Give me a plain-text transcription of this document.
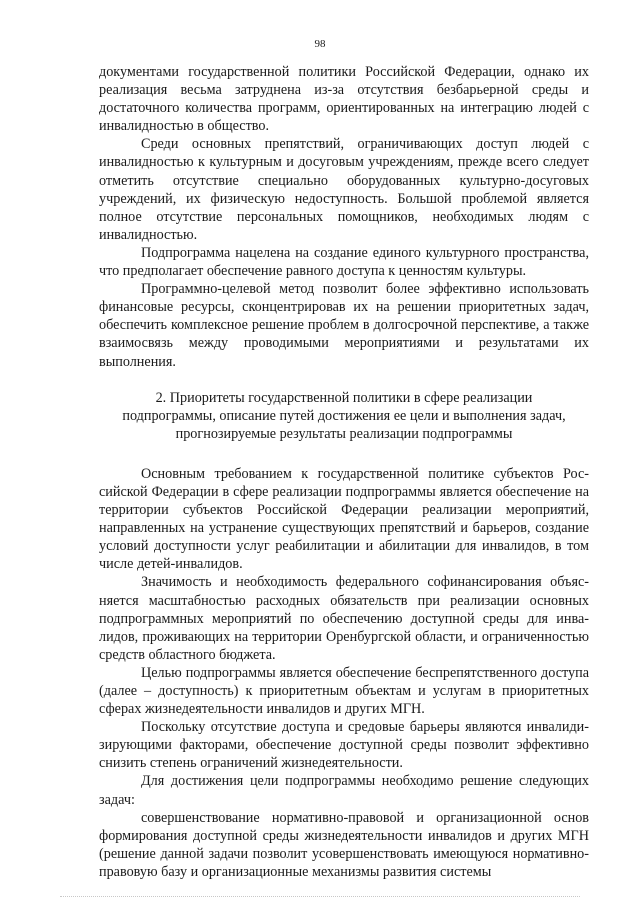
98

документами государственной политики Российской Федерации, однако их реализация весьма затруднена из-за отсутствия безбарьерной среды и достаточного количества программ, ориентированных на интеграцию людей с инвалидностью в общество.

Среди основных препятствий, ограничивающих доступ людей с инвалидностью к культурным и досуговым учреждениям, прежде всего следует отметить отсутствие специально оборудованных культурно-досуговых учреждений, их физическую недоступность. Большой проблемой является полное отсутствие персональных помощников, необходимых людям с инвалидностью.

Подпрограмма нацелена на создание единого культурного пространства, что предполагает обеспечение равного доступа к ценностям культуры.

Программно-целевой метод позволит более эффективно использовать финансовые ресурсы, сконцентрировав их на решении приоритетных задач, обеспечить комплексное решение проблем в долгосрочной перспективе, а также взаимосвязь между проводимыми мероприятиями и результатами их выполнения.

2. Приоритеты государственной политики в сфере реализации
подпрограммы, описание путей достижения ее цели и выполнения задач,
прогнозируемые результаты реализации подпрограммы

Основным требованием к государственной политике субъектов Российской Федерации в сфере реализации подпрограммы является обеспечение на территории субъектов Российской Федерации реализации мероприятий, направленных на устранение существующих препятствий и барьеров, создание условий доступности услуг реабилитации и абилитации для инвалидов, в том числе детей-инвалидов.

Значимость и необходимость федерального софинансирования объясняется масштабностью расходных обязательств при реализации основных подпрограммных мероприятий по обеспечению доступной среды для инвалидов, проживающих на территории Оренбургской области, и ограниченностью средств областного бюджета.

Целью подпрограммы является обеспечение беспрепятственного доступа (далее – доступность) к приоритетным объектам и услугам в приоритетных сферах жизнедеятельности инвалидов и других МГН.

Поскольку отсутствие доступа и средовые барьеры являются инвалидизирующими факторами, обеспечение доступной среды позволит эффективно снизить степень ограничений жизнедеятельности.

Для достижения цели подпрограммы необходимо решение следующих задач:

совершенствование нормативно-правовой и организационной основ формирования доступной среды жизнедеятельности инвалидов и других МГН (решение данной задачи позволит усовершенствовать имеющуюся нормативно-правовую базу и организационные механизмы развития системы
